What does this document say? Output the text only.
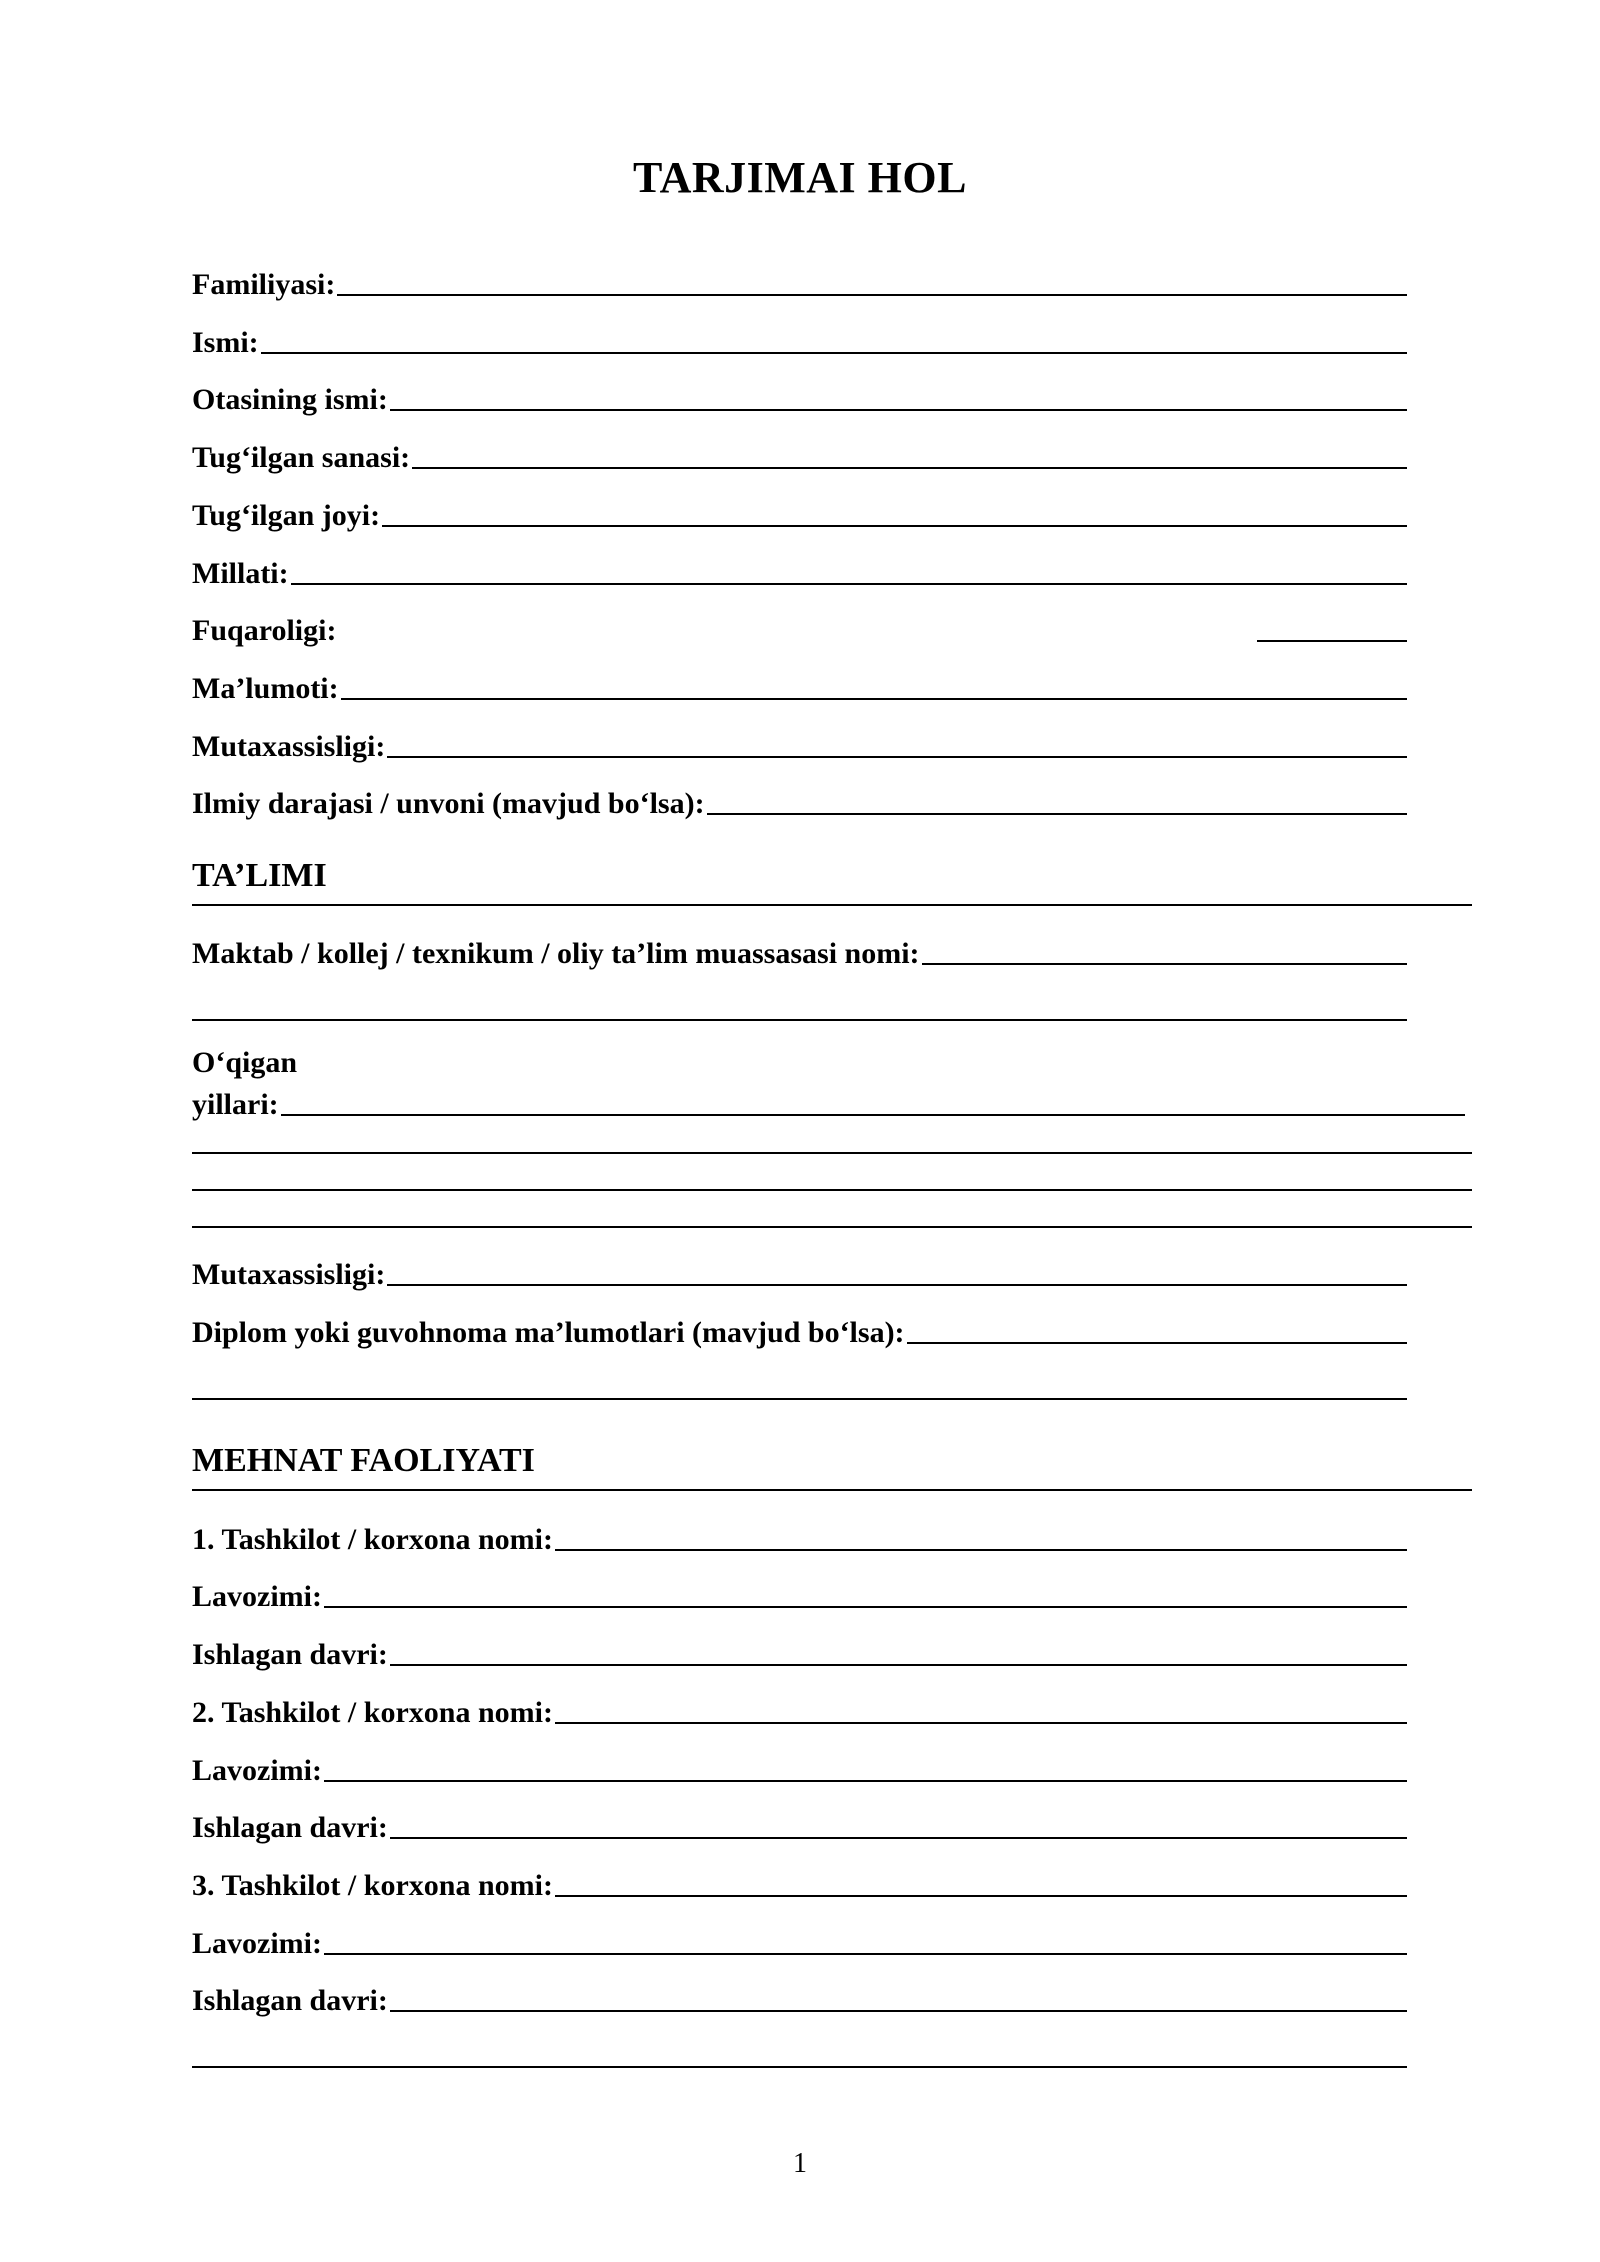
TARJIMAI HOL
Familiyasi:
Ismi:
Otasining ismi:
Tug‘ilgan sanasi:
Tug‘ilgan joyi:
Millati:
Fuqaroligi:
Ma’lumoti:
Mutaxassisligi:
Ilmiy darajasi / unvoni (mavjud bo‘lsa):
TA’LIMI
Maktab / kollej / texnikum / oliy ta’lim muassasasi nomi:
O‘qigan
yillari:
Mutaxassisligi:
Diplom yoki guvohnoma ma’lumotlari (mavjud bo‘lsa):
MEHNAT FAOLIYATI
1. Tashkilot / korxona nomi:
Lavozimi:
Ishlagan davri:
2. Tashkilot / korxona nomi:
Lavozimi:
Ishlagan davri:
3. Tashkilot / korxona nomi:
Lavozimi:
Ishlagan davri:
1
